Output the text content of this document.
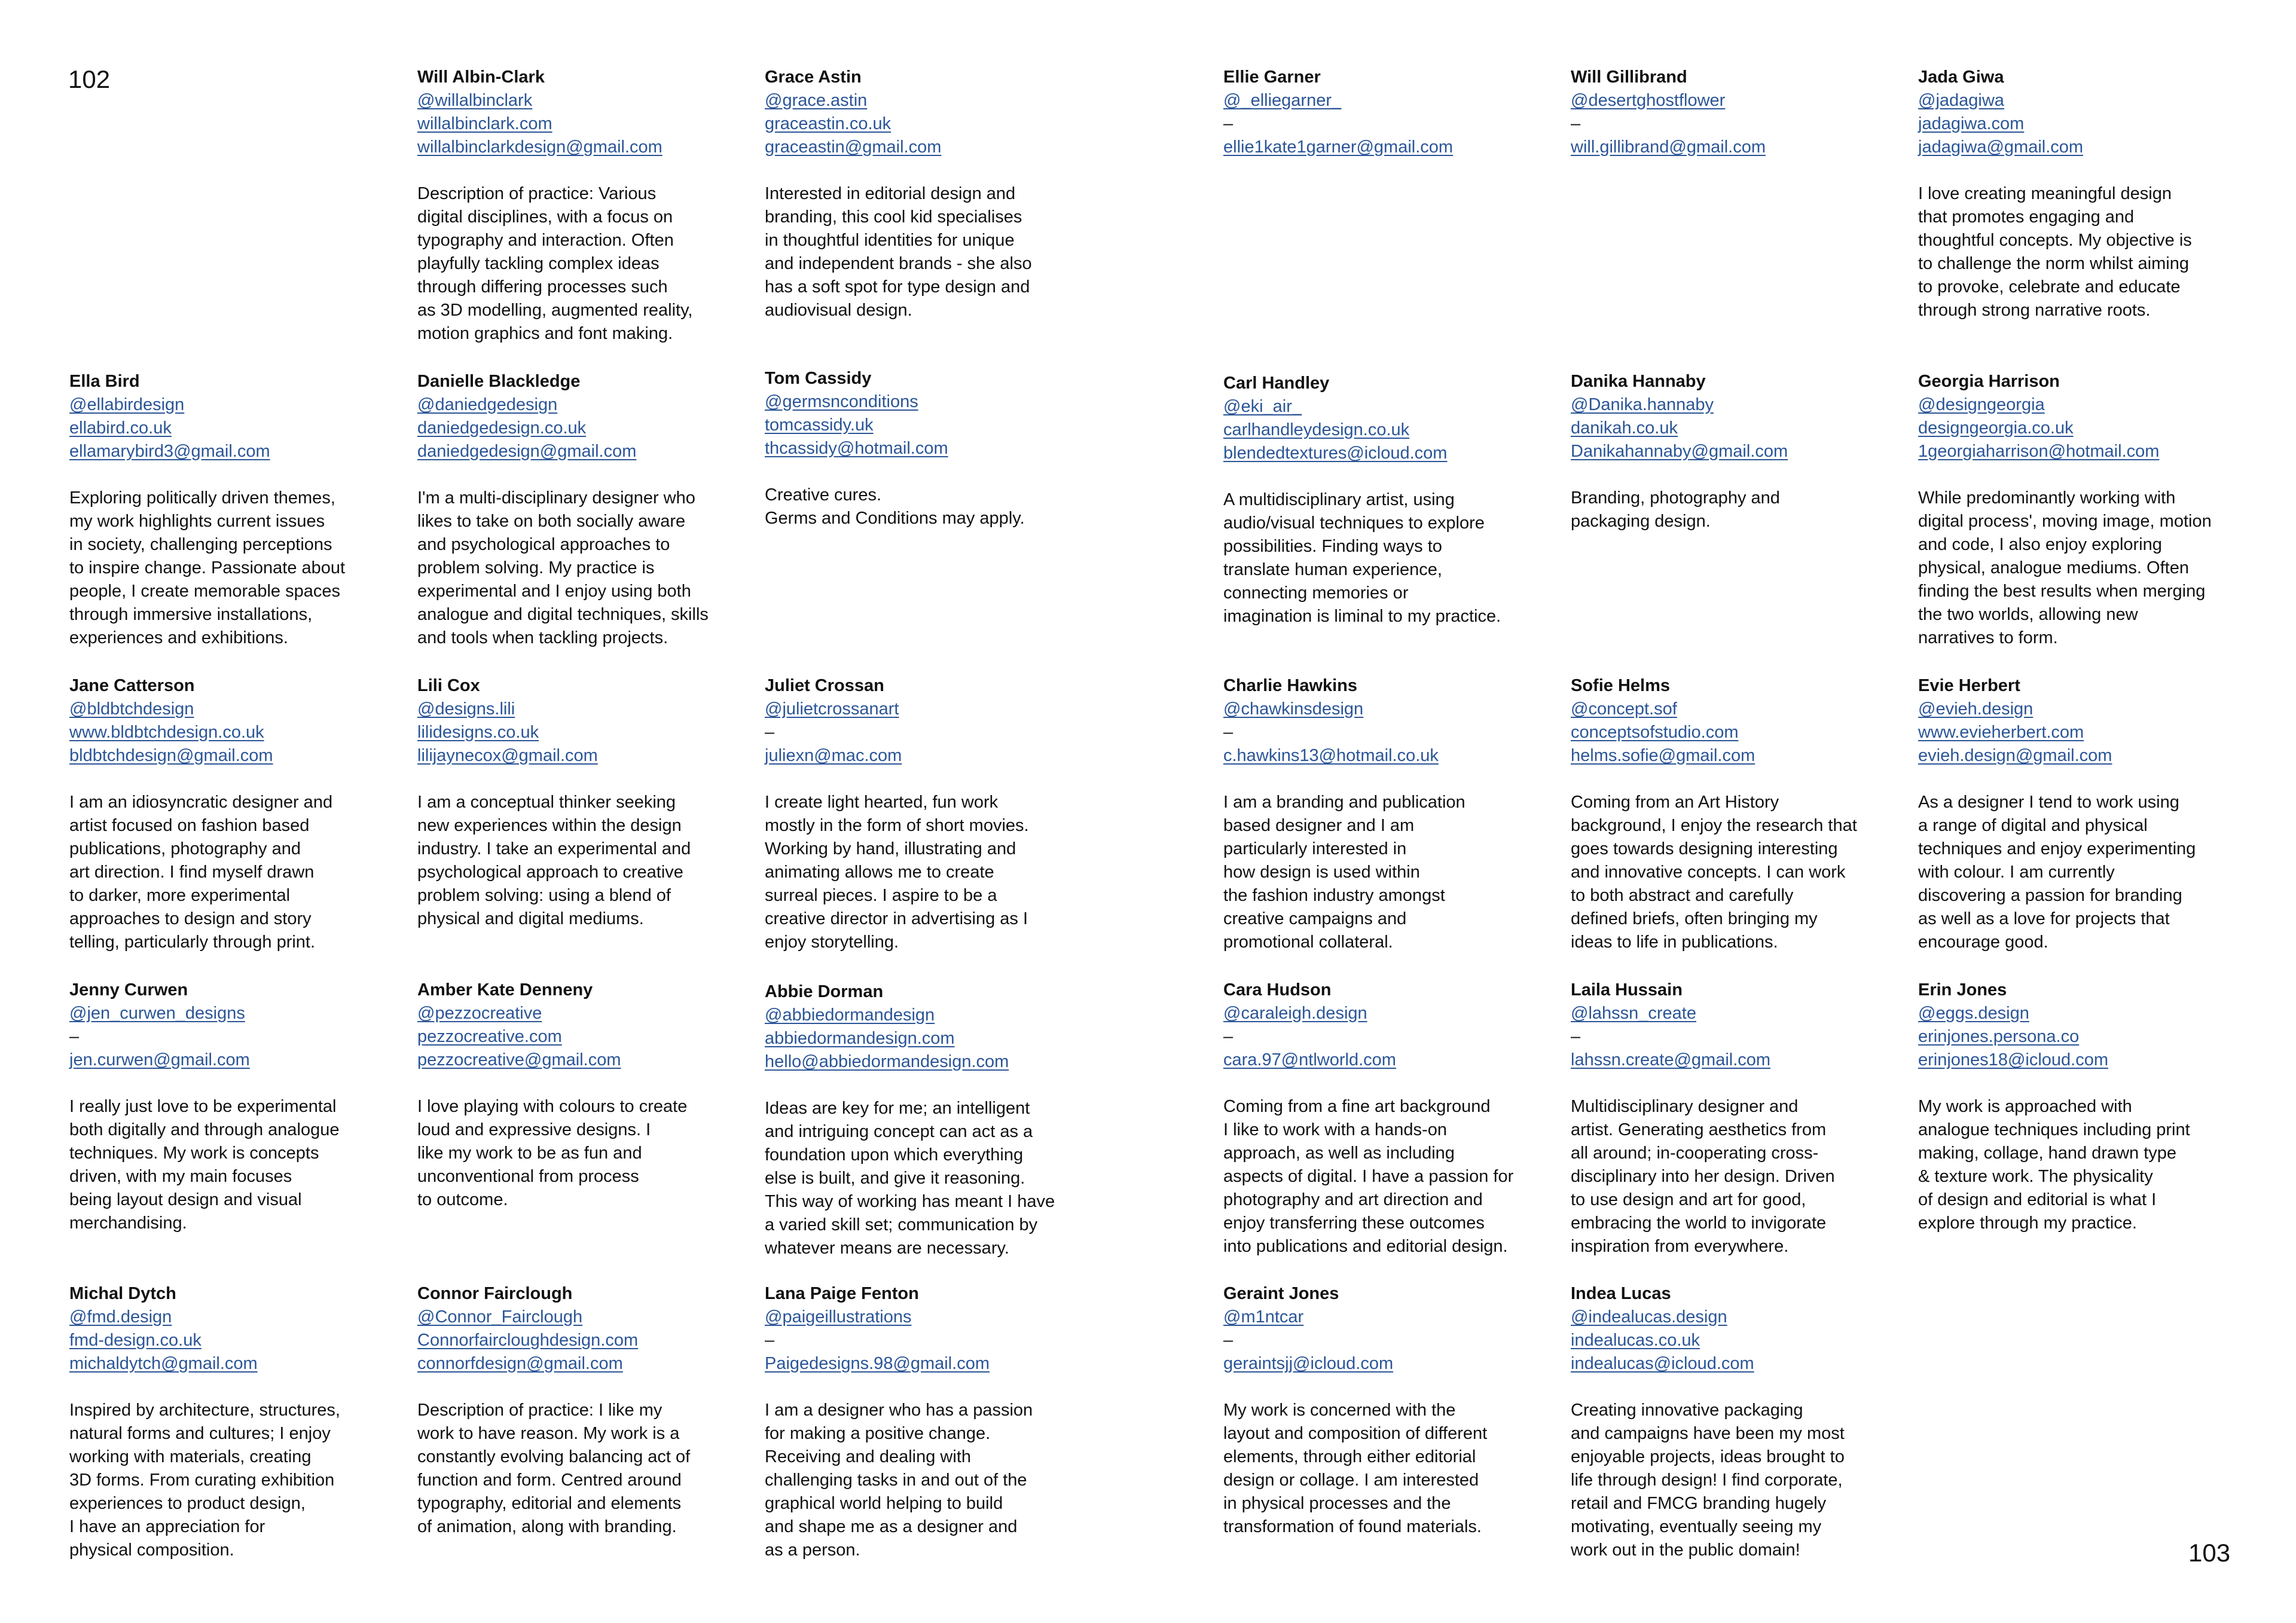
102
103
Ella Bird
@ellabirdesign
ellabird.co.uk
ellamarybird3@gmail.com
Exploring politically driven themes,
my work highlights current issues
in society, challenging perceptions
to inspire change. Passionate about
people, I create memorable spaces
through immersive installations,
experiences and exhibitions.
Jane Catterson
@bldbtchdesign
www.bldbtchdesign.co.uk
bldbtchdesign@gmail.com
I am an idiosyncratic designer and
artist focused on fashion based
publications, photography and
art direction. I find myself drawn
to darker, more experimental
approaches to design and story
telling, particularly through print.
Jenny Curwen
@jen_curwen_designs
–
jen.curwen@gmail.com
I really just love to be experimental
both digitally and through analogue
techniques. My work is concepts
driven, with my main focuses
being layout design and visual
merchandising.
Michal Dytch
@fmd.design
fmd-design.co.uk
michaldytch@gmail.com
Inspired by architecture, structures,
natural forms and cultures; I enjoy
working with materials, creating
3D forms. From curating exhibition
experiences to product design,
I have an appreciation for
physical composition.
Will Albin-Clark
@willalbinclark
willalbinclark.com
willalbinclarkdesign@gmail.com
Description of practice: Various
digital disciplines, with a focus on
typography and interaction. Often
playfully tackling complex ideas
through differing processes such
as 3D modelling, augmented reality,
motion graphics and font making.
Danielle Blackledge
@daniedgedesign
daniedgedesign.co.uk
daniedgedesign@gmail.com
I'm a multi-disciplinary designer who
likes to take on both socially aware
and psychological approaches to
problem solving. My practice is
experimental and I enjoy using both
analogue and digital techniques, skills
and tools when tackling projects.
Lili Cox
@designs.lili
lilidesigns.co.uk
lilijaynecox@gmail.com
I am a conceptual thinker seeking
new experiences within the design
industry. I take an experimental and
psychological approach to creative
problem solving: using a blend of
physical and digital mediums.
Amber Kate Denneny
@pezzocreative
pezzocreative.com
pezzocreative@gmail.com
I love playing with colours to create
loud and expressive designs. I
like my work to be as fun and
unconventional from process
to outcome.
Connor Fairclough
@Connor_Fairclough
Connorfaircloughdesign.com
connorfdesign@gmail.com
Description of practice: I like my
work to have reason. My work is a
constantly evolving balancing act of
function and form. Centred around
typography, editorial and elements
of animation, along with branding.
Grace Astin
@grace.astin
graceastin.co.uk
graceastin@gmail.com
Interested in editorial design and
branding, this cool kid specialises
in thoughtful identities for unique
and independent brands - she also
has a soft spot for type design and
audiovisual design.
Tom Cassidy
@germsnconditions
tomcassidy.uk
thcassidy@hotmail.com
Creative cures.
Germs and Conditions may apply.
Juliet Crossan
@julietcrossanart
–
juliexn@mac.com
I create light hearted, fun work
mostly in the form of short movies.
Working by hand, illustrating and
animating allows me to create
surreal pieces. I aspire to be a
creative director in advertising as I
enjoy storytelling.
Abbie Dorman
@abbiedormandesign
abbiedormandesign.com
hello@abbiedormandesign.com
Ideas are key for me; an intelligent
and intriguing concept can act as a
foundation upon which everything
else is built, and give it reasoning.
This way of working has meant I have
a varied skill set; communication by
whatever means are necessary.
Lana Paige Fenton
@paigeillustrations
–
Paigedesigns.98@gmail.com
I am a designer who has a passion
for making a positive change.
Receiving and dealing with
challenging tasks in and out of the
graphical world helping to build
and shape me as a designer and
as a person.
Ellie Garner
@_elliegarner_
–
ellie1kate1garner@gmail.com
Carl Handley
@eki_air_
carlhandleydesign.co.uk
blendedtextures@icloud.com
A multidisciplinary artist, using
audio/visual techniques to explore
possibilities. Finding ways to
translate human experience,
connecting memories or
imagination is liminal to my practice.
Charlie Hawkins
@chawkinsdesign
–
c.hawkins13@hotmail.co.uk
I am a branding and publication
based designer and I am
particularly interested in
how design is used within
the fashion industry amongst
creative campaigns and
promotional collateral.
Cara Hudson
@caraleigh.design
–
cara.97@ntlworld.com
Coming from a fine art background
I like to work with a hands-on
approach, as well as including
aspects of digital. I have a passion for
photography and art direction and
enjoy transferring these outcomes
into publications and editorial design.
Geraint Jones
@m1ntcar
–
geraintsjj@icloud.com
My work is concerned with the
layout and composition of different
elements, through either editorial
design or collage. I am interested
in physical processes and the
transformation of found materials.
Will Gillibrand
@desertghostflower
–
will.gillibrand@gmail.com
Danika Hannaby
@Danika.hannaby
danikah.co.uk
Danikahannaby@gmail.com
Branding, photography and
packaging design.
Sofie Helms
@concept.sof
conceptsofstudio.com
helms.sofie@gmail.com
Coming from an Art History
background, I enjoy the research that
goes towards designing interesting
and innovative concepts. I can work
to both abstract and carefully
defined briefs, often bringing my
ideas to life in publications.
Laila Hussain
@lahssn_create
–
lahssn.create@gmail.com
Multidisciplinary designer and
artist. Generating aesthetics from
all around; in-cooperating cross-
disciplinary into her design. Driven
to use design and art for good,
embracing the world to invigorate
inspiration from everywhere.
Indea Lucas
@indealucas.design
indealucas.co.uk
indealucas@icloud.com
Creating innovative packaging
and campaigns have been my most
enjoyable projects, ideas brought to
life through design! I find corporate,
retail and FMCG branding hugely
motivating, eventually seeing my
work out in the public domain!
Jada Giwa
@jadagiwa
jadagiwa.com
jadagiwa@gmail.com
I love creating meaningful design
that promotes engaging and
thoughtful concepts. My objective is
to challenge the norm whilst aiming
to provoke, celebrate and educate
through strong narrative roots.
Georgia Harrison
@designgeorgia
designgeorgia.co.uk
1georgiaharrison@hotmail.com
While predominantly working with
digital process', moving image, motion
and code, I also enjoy exploring
physical, analogue mediums. Often
finding the best results when merging
the two worlds, allowing new
narratives to form.
Evie Herbert
@evieh.design
www.evieherbert.com
evieh.design@gmail.com
As a designer I tend to work using
a range of digital and physical
techniques and enjoy experimenting
with colour. I am currently
discovering a passion for branding
as well as a love for projects that
encourage good.
Erin Jones
@eggs.design
erinjones.persona.co
erinjones18@icloud.com
My work is approached with
analogue techniques including print
making, collage, hand drawn type
& texture work. The physicality
of design and editorial is what I
explore through my practice.
